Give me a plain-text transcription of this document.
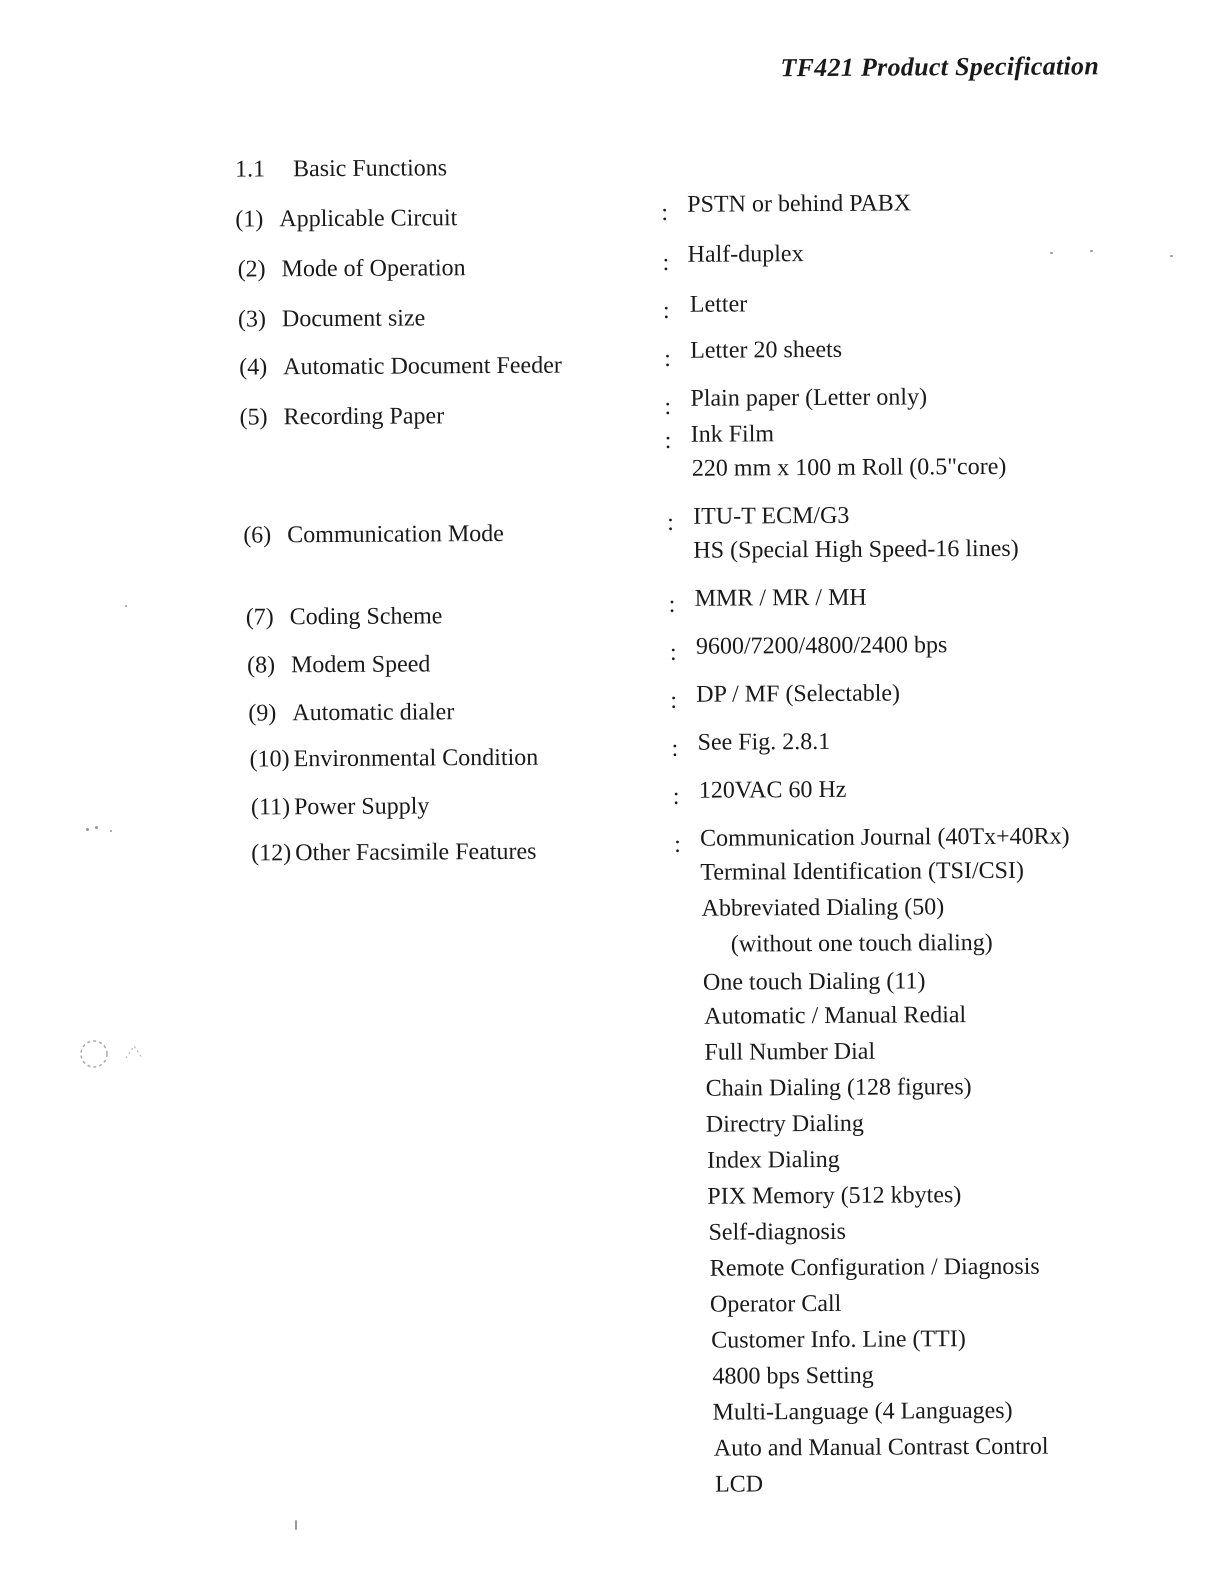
TF421 Product Specification
1.1 Basic Functions
(1) Applicable Circuit	: PSTN or behind PABX
(2) Mode of Operation	: Half-duplex
(3) Document size	: Letter
(4) Automatic Document Feeder	: Letter 20 sheets
(5) Recording Paper	: Plain paper (Letter only)
: Ink Film
220 mm x 100 m Roll (0.5"core)
(6) Communication Mode	: ITU-T ECM/G3
HS (Special High Speed-16 lines)
(7) Coding Scheme	: MMR / MR / MH
(8) Modem Speed	: 9600/7200/4800/2400 bps
(9) Automatic dialer	: DP / MF (Selectable)
(10) Environmental Condition	: See Fig. 2.8.1
(11) Power Supply	: 120VAC 60 Hz
(12) Other Facsimile Features	: Communication Journal (40Tx+40Rx)
Terminal Identification (TSI/CSI)
Abbreviated Dialing (50)
(without one touch dialing)
One touch Dialing (11)
Automatic / Manual Redial
Full Number Dial
Chain Dialing (128 figures)
Directry Dialing
Index Dialing
PIX Memory (512 kbytes)
Self-diagnosis
Remote Configuration / Diagnosis
Operator Call
Customer Info. Line (TTI)
4800 bps Setting
Multi-Language (4 Languages)
Auto and Manual Contrast Control
LCD
